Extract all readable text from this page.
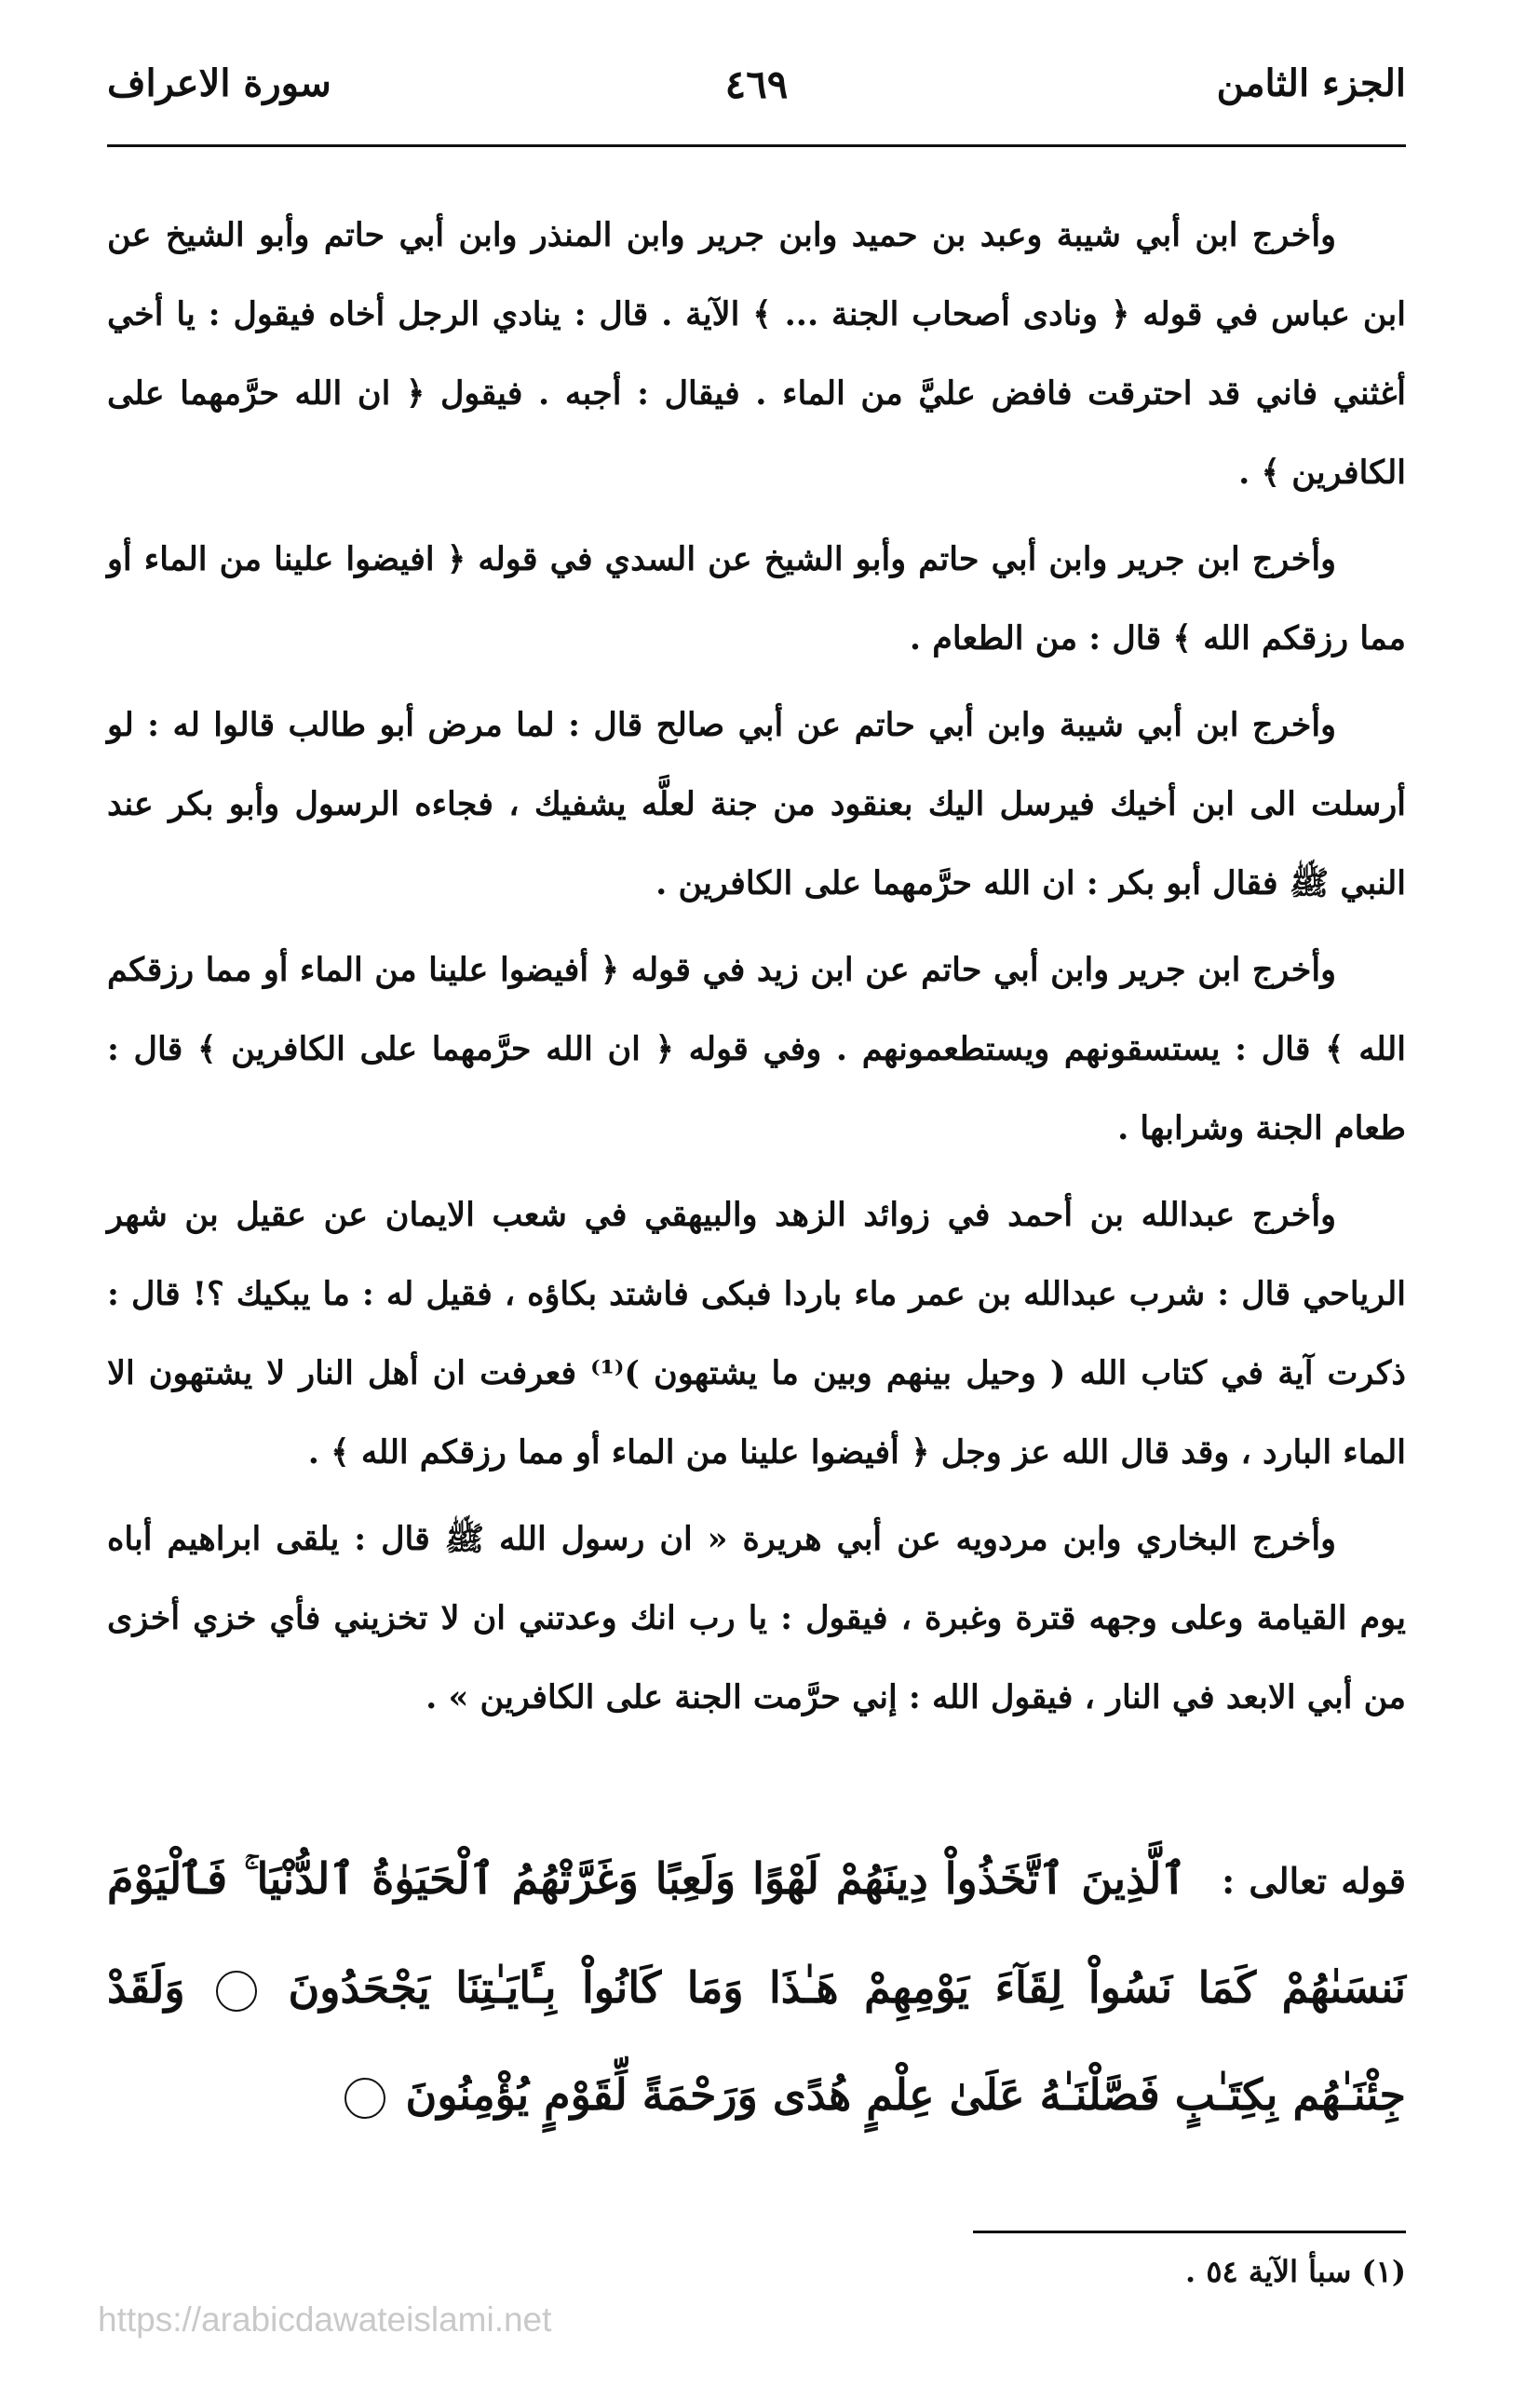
الجزء الثامن
٤٦٩
سورة الاعراف

وأخرج ابن أبي شيبة وعبد بن حميد وابن جرير وابن المنذر وابن أبي حاتم وأبو الشيخ عن ابن عباس في قوله ﴿ ونادى أصحاب الجنة ... ﴾ الآية . قال : ينادي الرجل أخاه فيقول : يا أخي أغثني فاني قد احترقت فافض عليَّ من الماء . فيقال : أجبه . فيقول ﴿ ان الله حرَّمهما على الكافرين ﴾ .

وأخرج ابن جرير وابن أبي حاتم وأبو الشيخ عن السدي في قوله ﴿ افيضوا علينا من الماء أو مما رزقكم الله ﴾ قال : من الطعام .

وأخرج ابن أبي شيبة وابن أبي حاتم عن أبي صالح قال : لما مرض أبو طالب قالوا له : لو أرسلت الى ابن أخيك فيرسل اليك بعنقود من جنة لعلَّه يشفيك ، فجاءه الرسول وأبو بكر عند النبي ﷺ فقال أبو بكر : ان الله حرَّمهما على الكافرين .

وأخرج ابن جرير وابن أبي حاتم عن ابن زيد في قوله ﴿ أفيضوا علينا من الماء أو مما رزقكم الله ﴾ قال : يستسقونهم ويستطعمونهم . وفي قوله ﴿ ان الله حرَّمهما على الكافرين ﴾ قال : طعام الجنة وشرابها .

وأخرج عبدالله بن أحمد في زوائد الزهد والبيهقي في شعب الايمان عن عقيل بن شهر الرياحي قال : شرب عبدالله بن عمر ماء باردا فبكى فاشتد بكاؤه ، فقيل له : ما يبكيك ؟! قال : ذكرت آية في كتاب الله ( وحيل بينهم وبين ما يشتهون )⁽¹⁾ فعرفت ان أهل النار لا يشتهون الا الماء البارد ، وقد قال الله عز وجل ﴿ أفيضوا علينا من الماء أو مما رزقكم الله ﴾ .

وأخرج البخاري وابن مردويه عن أبي هريرة « ان رسول الله ﷺ قال : يلقى ابراهيم أباه يوم القيامة وعلى وجهه قترة وغبرة ، فيقول : يا رب انك وعدتني ان لا تخزيني فأي خزي أخزى من أبي الابعد في النار ، فيقول الله : إني حرَّمت الجنة على الكافرين » .

قوله تعالى : ٱلَّذِينَ ٱتَّخَذُواْ دِينَهُمْ لَهْوًا وَلَعِبًا وَغَرَّتْهُمُ ٱلْحَيَوٰةُ ٱلدُّنْيَا ۚ فَٱلْيَوْمَ نَنسَىٰهُمْ كَمَا نَسُواْ لِقَآءَ يَوْمِهِمْ هَـٰذَا وَمَا كَانُواْ بِـَٔايَـٰتِنَا يَجْحَدُونَ  وَلَقَدْ جِئْنَـٰهُم بِكِتَـٰبٍ فَصَّلْنَـٰهُ عَلَىٰ عِلْمٍ هُدًى وَرَحْمَةً لِّقَوْمٍ يُؤْمِنُونَ

(١) سبأ الآية ٥٤ .
https://arabicdawateislami.net
